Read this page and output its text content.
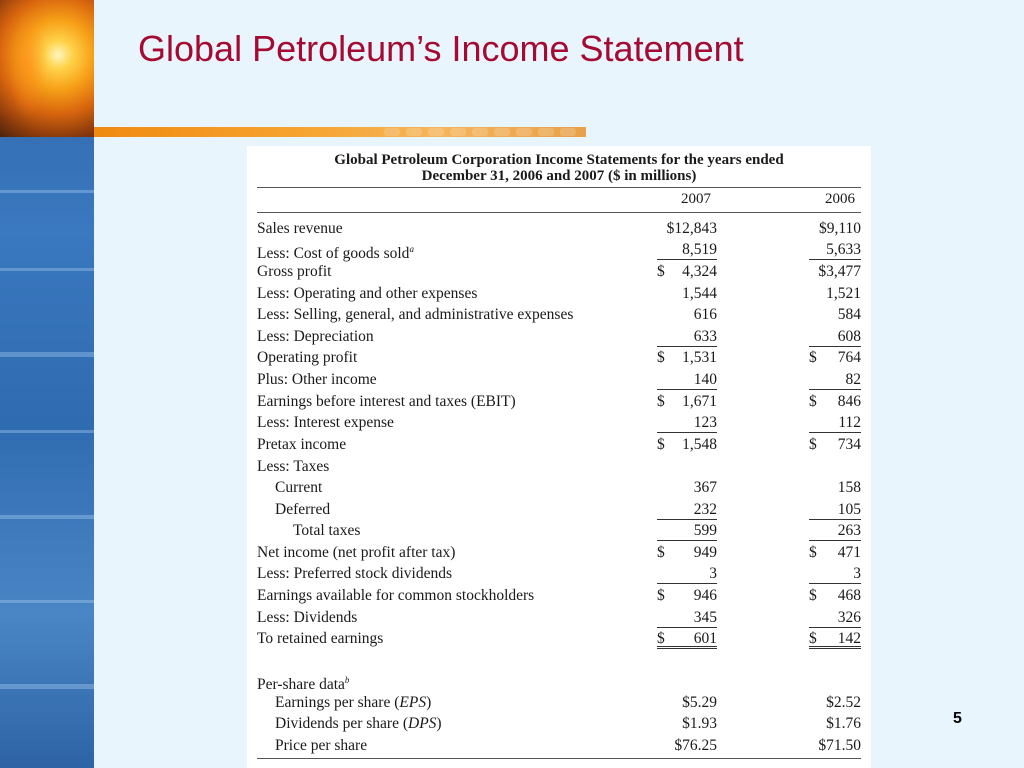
Global Petroleum’s Income Statement
Global Petroleum Corporation Income Statements for the years ended
December 31, 2006 and 2007 ($ in millions)
2007	2006
Sales revenue	$12,843	$9,110
Less: Cost of goods sold$^a$	8,519	5,633
Gross profit	$ 4,324	$3,477
Less: Operating and other expenses	1,544	1,521
Less: Selling, general, and administrative expenses	616	584
Less: Depreciation	633	608
Operating profit	$ 1,531	$ 764
Plus: Other income	140	82
Earnings before interest and taxes (EBIT)	$ 1,671	$ 846
Less: Interest expense	123	112
Pretax income	$ 1,548	$ 734
Less: Taxes
Current	367	158
Deferred	232	105
Total taxes	599	263
Net income (net profit after tax)	$ 949	$ 471
Less: Preferred stock dividends	3	3
Earnings available for common stockholders	$ 946	$ 468
Less: Dividends	345	326
To retained earnings	$ 601	$ 142
Per-share data$^b$
Earnings per share (EPS)	$5.29	$2.52
Dividends per share (DPS)	$1.93	$1.76
Price per share	$76.25	$71.50
5
